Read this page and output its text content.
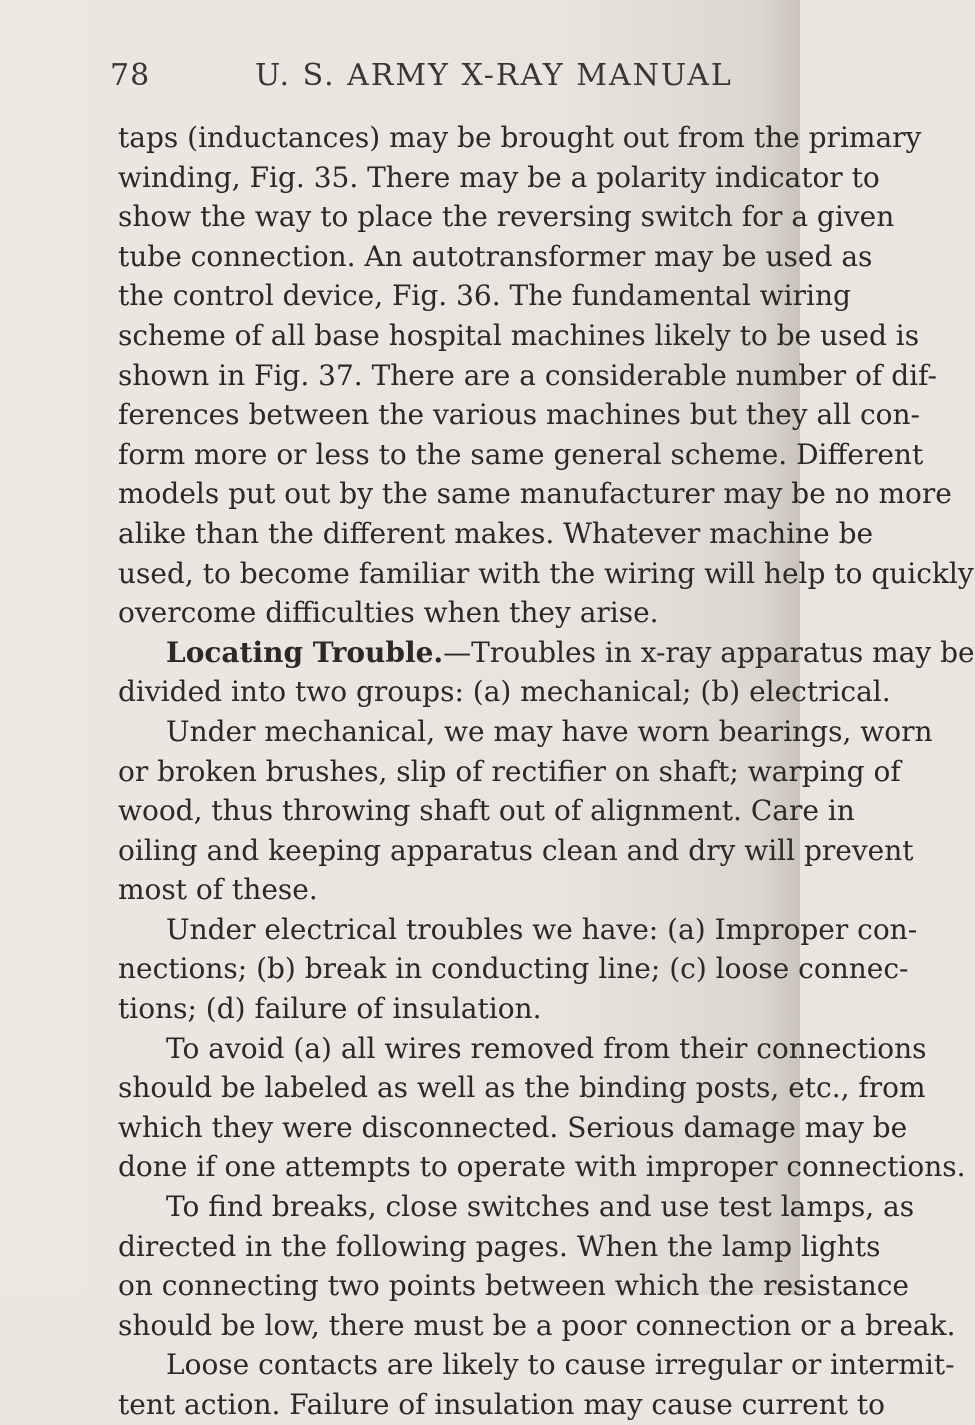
78	U. S. ARMY X-RAY MANUAL
taps (inductances) may be brought out from the primary
winding, Fig. 35. There may be a polarity indicator to
show the way to place the reversing switch for a given
tube connection. An autotransformer may be used as
the control device, Fig. 36. The fundamental wiring
scheme of all base hospital machines likely to be used is
shown in Fig. 37. There are a considerable number of dif-
ferences between the various machines but they all con-
form more or less to the same general scheme. Different
models put out by the same manufacturer may be no more
alike than the different makes. Whatever machine be
used, to become familiar with the wiring will help to quickly
overcome difficulties when they arise.
Locating Trouble.—Troubles in x-ray apparatus may be
divided into two groups: (a) mechanical; (b) electrical.
Under mechanical, we may have worn bearings, worn
or broken brushes, slip of rectifier on shaft; warping of
wood, thus throwing shaft out of alignment. Care in
oiling and keeping apparatus clean and dry will prevent
most of these.
Under electrical troubles we have: (a) Improper con-
nections; (b) break in conducting line; (c) loose connec-
tions; (d) failure of insulation.
To avoid (a) all wires removed from their connections
should be labeled as well as the binding posts, etc., from
which they were disconnected. Serious damage may be
done if one attempts to operate with improper connections.
To find breaks, close switches and use test lamps, as
directed in the following pages. When the lamp lights
on connecting two points between which the resistance
should be low, there must be a poor connection or a break.
Loose contacts are likely to cause irregular or intermit-
tent action. Failure of insulation may cause current to
